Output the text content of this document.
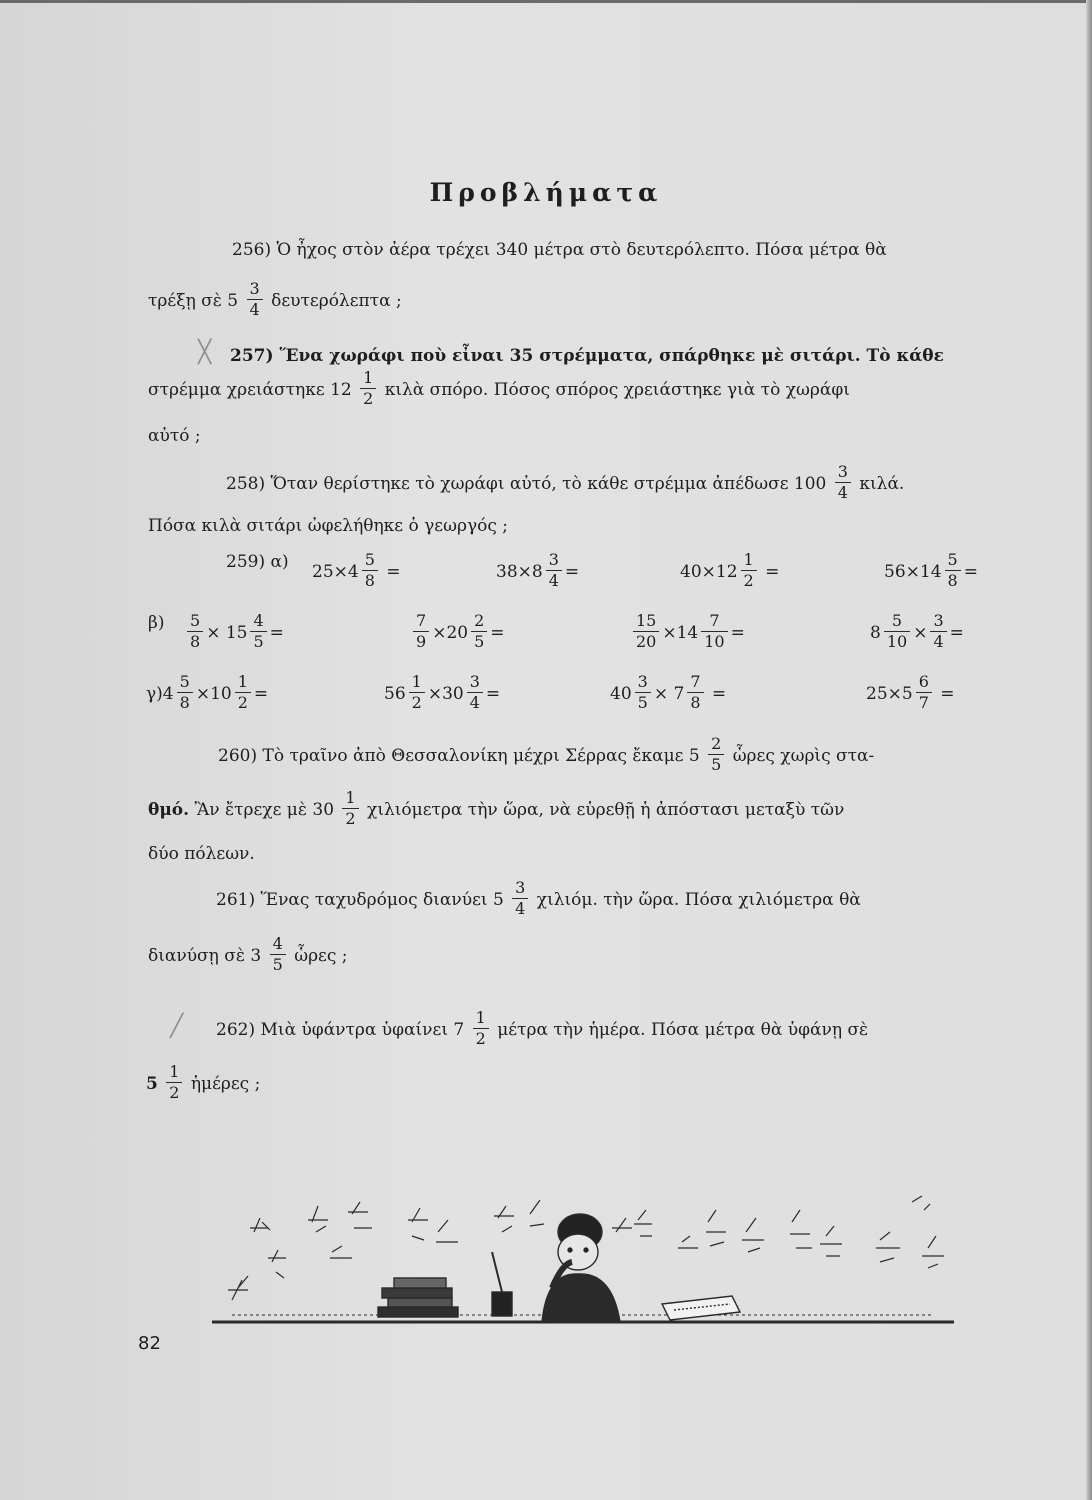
Προβλήματα
256) Ὁ ἦχος στὸν ἀέρα τρέχει 340 μέτρα στὸ δευτερόλεπτο. Πόσα μέτρα θὰ
τρέξῃ σὲ $5 \frac{3}{4}$ δευτερόλεπτα ;
╳ 257) Ἕνα χωράφι ποὺ εἶναι 35 στρέμματα, σπάρθηκε μὲ σιτάρι. Τὸ κάθε
στρέμμα χρειάστηκε $12 \frac{1}{2}$ κιλὰ σπόρο. Πόσος σπόρος χρειάστηκε γιὰ τὸ χωράφι
αὐτό ;
258) Ὅταν θερίστηκε τὸ χωράφι αὐτό, τὸ κάθε στρέμμα ἀπέδωσε $100 \frac{3}{4} \kappa\iota\lambda ά$.
Πόσα κιλὰ σιτάρι ὠφελήθηκε ὁ γεωργός ;
259) α) $25\times 4 \frac{5}{8}$ =	$38\times 8 \frac{3}{4}$ =	$40\times 12 \frac{1}{2}$ =	$56\times 14 \frac{5}{8}$ =
$\beta) \frac{5}{8} \times 15 \frac{4}{5}$ =	$\frac{7}{9} \times 20 \frac{2}{5}$ =	$\frac{15}{20} \times 14 \frac{7}{10}$ =	$8 \frac{5}{10} \times \frac{3}{4}$ =
$\gamma)4 \frac{5}{8} \times 10 \frac{1}{2}$ =	$56 \frac{1}{2} \times 30 \frac{3}{4}$ =	$40 \frac{3}{5} \times 7 \frac{7}{8}$ =	$25\times 5 \frac{6}{7}$ =
260) Τὸ τραῖνο ἀπὸ Θεσσαλονίκη μέχρι Σέρρας ἔκαμε $5 \frac{2}{5}$ ὧρες χωρὶς στα-
θμό. Ἂν ἔτρεχε μὲ $30 \frac{1}{2}$ χιλιόμετρα τὴν ὥρα, νὰ εὑρεθῇ ἡ ἀπόστασι μεταξὺ τῶν
δύο πόλεων.
261) Ἕνας ταχυδρόμος διανύει $5 \frac{3}{4} \chi\iota\lambda\iota ό\mu$. τὴν ὥρα. Πόσα χιλιόμετρα θὰ
διανύσῃ σὲ $3 \frac{4}{5}$ ὧρες ;
╱ 262) Μιὰ ὑφάντρα ὑφαίνει $7 \frac{1}{2}$ μέτρα τὴν ἡμέρα. Πόσα μέτρα θὰ ὑφάνῃ σὲ
$5 \frac{1}{2}$ ἡμέρες ;
82
